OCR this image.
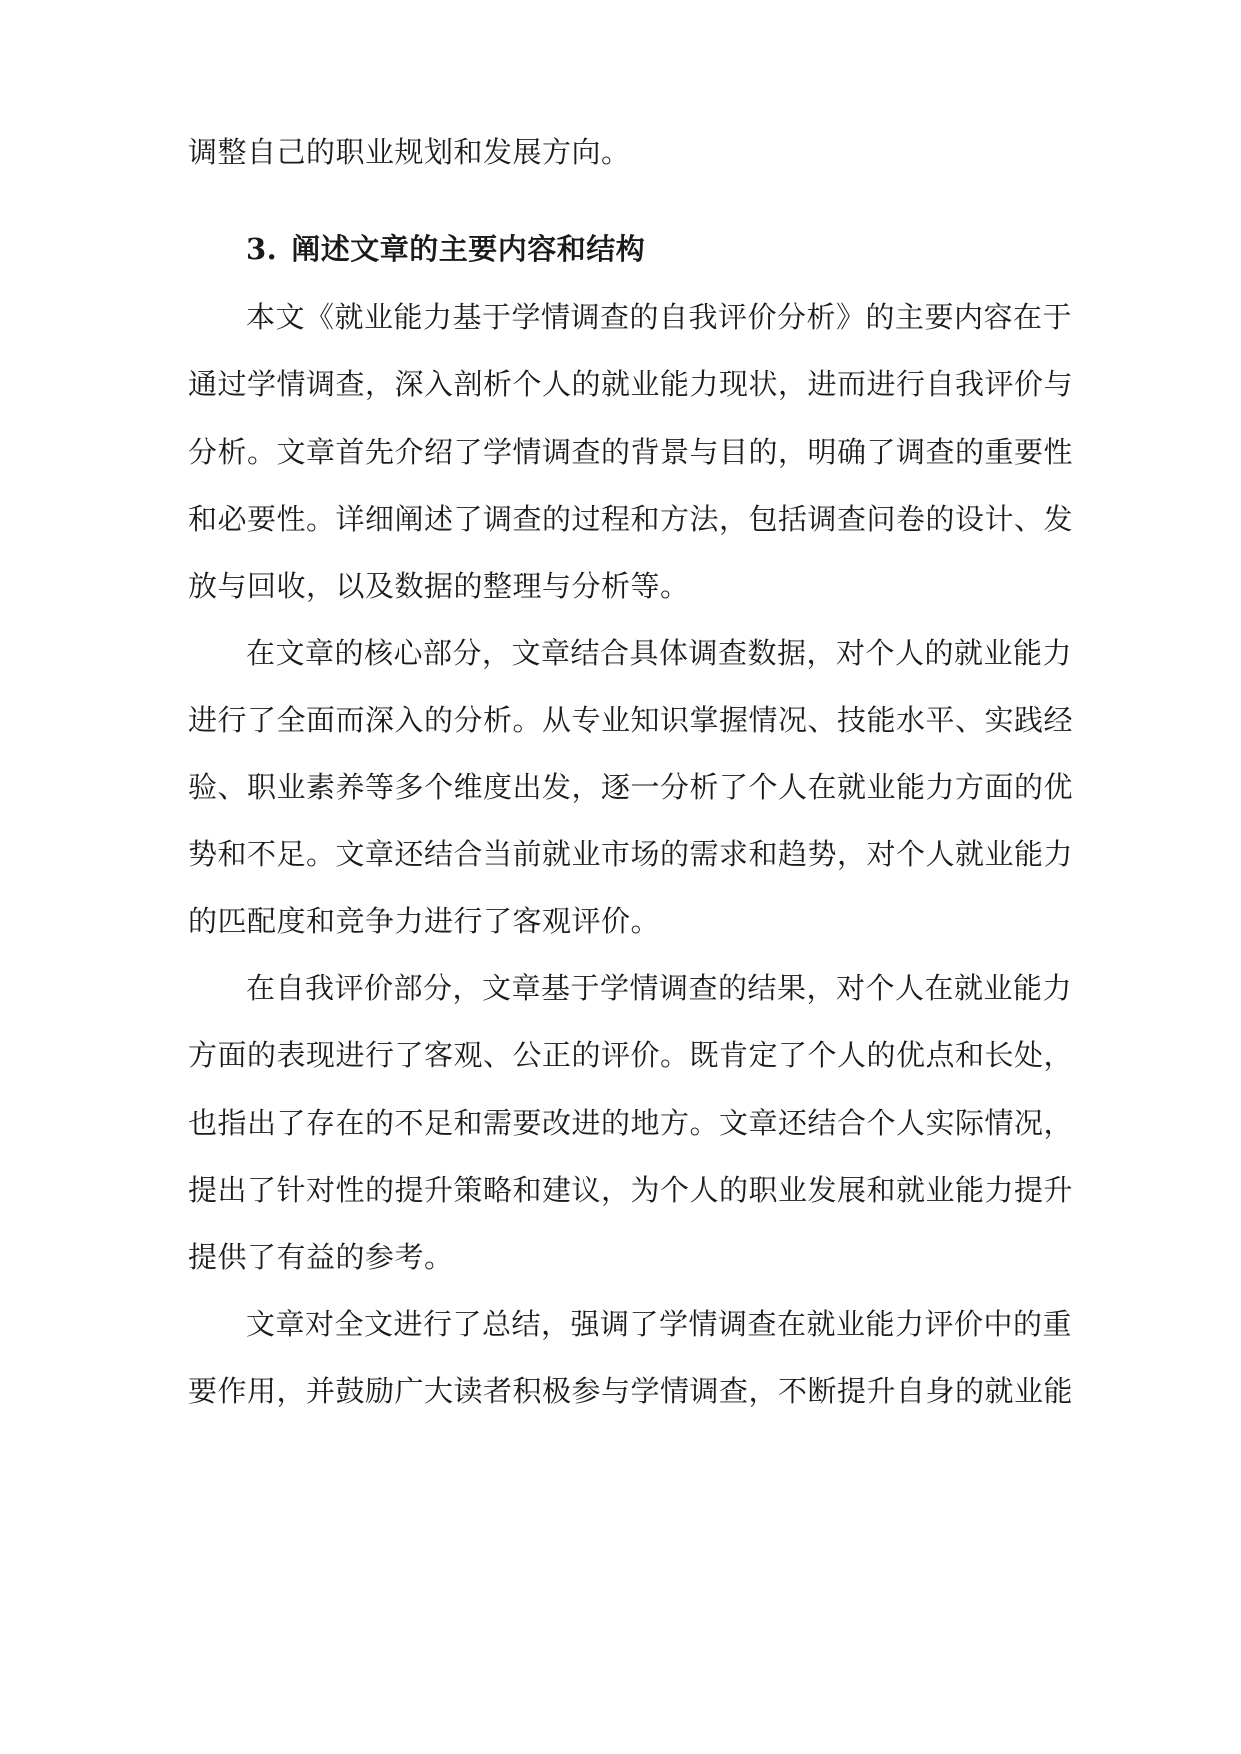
调整自己的职业规划和发展方向。
3. 阐述文章的主要内容和结构
本文《就业能力基于学情调查的自我评价分析》的主要内容在于
通过学情调查，深入剖析个人的就业能力现状，进而进行自我评价与
分析。文章首先介绍了学情调查的背景与目的，明确了调查的重要性
和必要性。详细阐述了调查的过程和方法，包括调查问卷的设计、发
放与回收，以及数据的整理与分析等。
在文章的核心部分，文章结合具体调查数据，对个人的就业能力
进行了全面而深入的分析。从专业知识掌握情况、技能水平、实践经
验、职业素养等多个维度出发，逐一分析了个人在就业能力方面的优
势和不足。文章还结合当前就业市场的需求和趋势，对个人就业能力
的匹配度和竞争力进行了客观评价。
在自我评价部分，文章基于学情调查的结果，对个人在就业能力
方面的表现进行了客观、公正的评价。既肯定了个人的优点和长处，
也指出了存在的不足和需要改进的地方。文章还结合个人实际情况，
提出了针对性的提升策略和建议，为个人的职业发展和就业能力提升
提供了有益的参考。
文章对全文进行了总结，强调了学情调查在就业能力评价中的重
要作用，并鼓励广大读者积极参与学情调查，不断提升自身的就业能
